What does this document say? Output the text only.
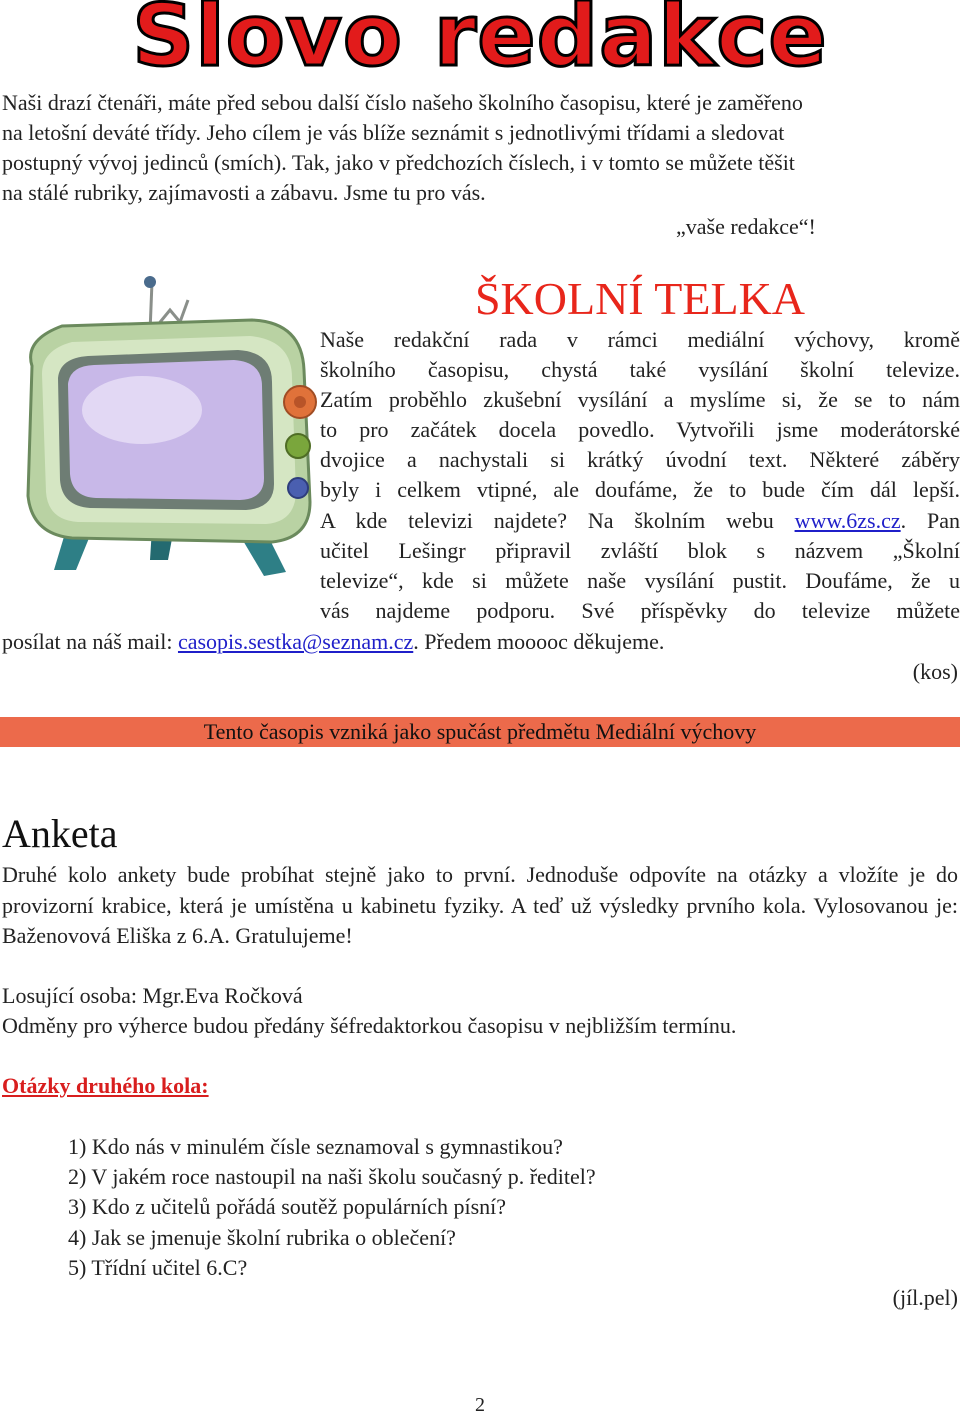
Slovo redakce

Naši drazí čtenáři, máte před sebou další číslo našeho školního časopisu, které je zaměřeno

na letošní deváté třídy. Jeho cílem je vás blíže seznámit s jednotlivými třídami a sledovat

postupný vývoj jedinců (smích). Tak, jako v předchozích číslech, i v tomto se můžete těšit

na stálé rubriky, zajímavosti a zábavu. Jsme tu pro vás.

„vaše redakce“!
ŠKOLNÍ TELKA

Naše redakční rada v rámci mediální výchovy, kromě

školního časopisu, chystá také vysílání školní televize.

Zatím proběhlo zkušební vysílání a myslíme si, že se to nám

to pro začátek docela povedlo. Vytvořili jsme moderátorské

dvojice a nachystali si krátký úvodní text. Některé záběry

byly i celkem vtipné, ale doufáme, že to bude čím dál lepší.

A kde televizi najdete? Na školním webu www.6zs.cz. Pan

učitel Lešingr připravil zvláští blok s názvem „Školní

televize“, kde si můžete naše vysílání pustit. Doufáme, že u

vás najdeme podporu. Své příspěvky do televize můžete

posílat na náš mail: casopis.sestka@seznam.cz. Předem mooooc děkujeme.
(kos)
Tento časopis vzniká jako spučást předmětu Mediální výchovy
Anketa
Druhé kolo ankety bude probíhat stejně jako to první. Jednoduše odpovíte na otázky a vložíte je do provizorní krabice, která je umístěna u kabinetu fyziky. A teď už výsledky prvního kola. Vylosovanou je: Baženovová Eliška z 6.A. Gratulujeme!
Losující osoba: Mgr.Eva Ročková
Odměny pro výherce budou předány šéfredaktorkou časopisu v nejbližším termínu.
Otázky druhého kola:
1) Kdo nás v minulém čísle seznamoval s gymnastikou?
2) V jakém roce nastoupil na naši školu současný p. ředitel?
3) Kdo z učitelů pořádá soutěž populárních písní?
4) Jak se jmenuje školní rubrika o oblečení?
5) Třídní učitel 6.C?
(jíl.pel)
2
